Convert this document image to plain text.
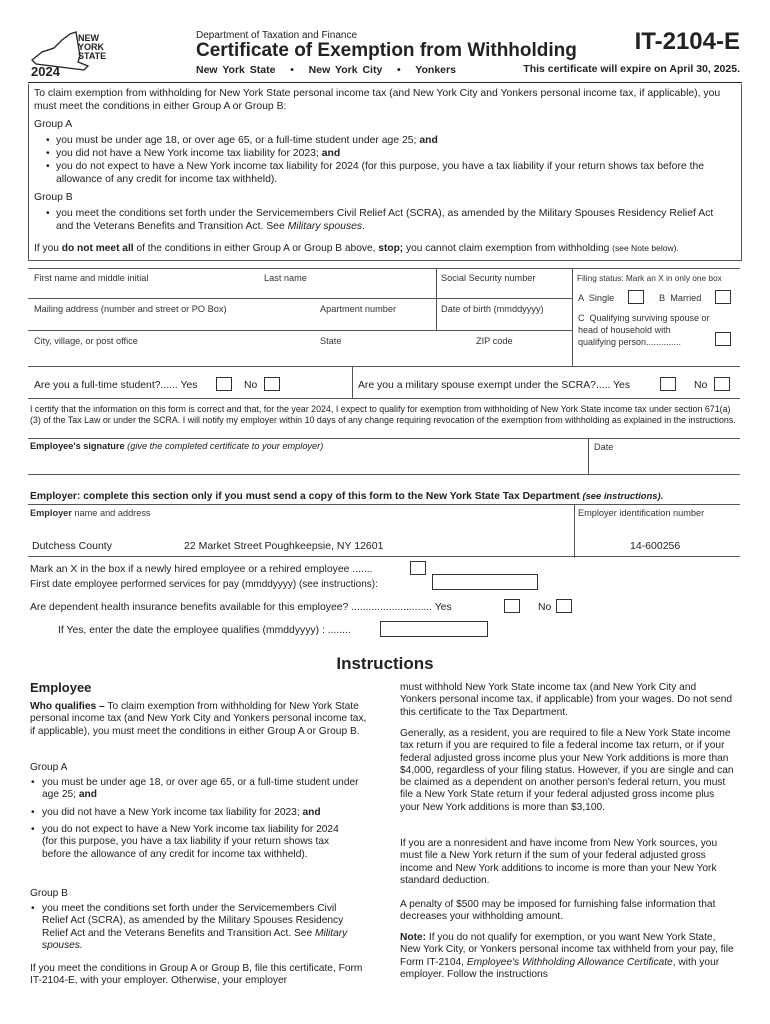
NEW
YORK
STATE
2024
Department of Taxation and Finance
Certificate of Exemption from Withholding
New York State   •   New York City   •   Yonkers
IT-2104-E
This certificate will expire on April 30, 2025.
To claim exemption from withholding for New York State personal income tax (and New York City and Yonkers personal income tax, if applicable), you must meet the conditions in either Group A or Group B:
Group A
• you must be under age 18, or over age 65, or a full-time student under age 25; and
• you did not have a New York income tax liability for 2023; and
• you do not expect to have a New York income tax liability for 2024 (for this purpose, you have a tax liability if your return shows tax before the allowance of any credit for income tax withheld).
Group B
• you meet the conditions set forth under the Servicemembers Civil Relief Act (SCRA), as amended by the Military Spouses Residency Relief Act and the Veterans Benefits and Transition Act. See Military spouses.
If you do not meet all of the conditions in either Group A or Group B above, stop; you cannot claim exemption from withholding (see Note below).
First name and middle initial	Last name	Social Security number	Filing status: Mark an X in only one box
Mailing address (number and street or PO Box)	Apartment number	Date of birth (mmddyyyy)
City, village, or post office	State	ZIP code
A  Single	B  Married
C  Qualifying surviving spouse or head of household with qualifying person..............
Are you a full-time student?...... Yes	No	Are you a military spouse exempt under the SCRA?..... Yes	No
I certify that the information on this form is correct and that, for the year 2024, I expect to qualify for exemption from withholding of New York State income tax under section 671(a)(3) of the Tax Law or under the SCRA. I will notify my employer within 10 days of any change requiring revocation of the exemption from withholding as explained in the instructions.
Employee's signature (give the completed certificate to your employer)	Date
Employer: complete this section only if you must send a copy of this form to the New York State Tax Department (see instructions).
Employer name and address	Employer identification number
Dutchess County	22 Market Street Poughkeepsie, NY 12601	14-600256
Mark an X in the box if a newly hired employee or a rehired employee .......
First date employee performed services for pay (mmddyyyy) (see instructions):
Are dependent health insurance benefits available for this employee? ............................ Yes	No
If Yes, enter the date the employee qualifies (mmddyyyy) : ........
Instructions
Employee
Who qualifies – To claim exemption from withholding for New York State personal income tax (and New York City and Yonkers personal income tax, if applicable), you must meet the conditions in either Group A or Group B.
Group A
• you must be under age 18, or over age 65, or a full-time student under age 25; and
• you did not have a New York income tax liability for 2023; and
• you do not expect to have a New York income tax liability for 2024 (for this purpose, you have a tax liability if your return shows tax before the allowance of any credit for income tax withheld).
Group B
• you meet the conditions set forth under the Servicemembers Civil Relief Act (SCRA), as amended by the Military Spouses Residency Relief Act and the Veterans Benefits and Transition Act. See Military spouses.
If you meet the conditions in Group A or Group B, file this certificate, Form IT-2104-E, with your employer. Otherwise, your employer
must withhold New York State income tax (and New York City and Yonkers personal income tax, if applicable) from your wages. Do not send this certificate to the Tax Department.
Generally, as a resident, you are required to file a New York State income tax return if you are required to file a federal income tax return, or if your federal adjusted gross income plus your New York additions is more than $4,000, regardless of your filing status. However, if you are single and can be claimed as a dependent on another person's federal return, you must file a New York State return if your federal adjusted gross income plus your New York additions is more than $3,100.
If you are a nonresident and have income from New York sources, you must file a New York return if the sum of your federal adjusted gross income and New York additions to income is more than your New York standard deduction.
A penalty of $500 may be imposed for furnishing false information that decreases your withholding amount.
Note: If you do not qualify for exemption, or you want New York State, New York City, or Yonkers personal income tax withheld from your pay, file Form IT-2104, Employee's Withholding Allowance Certificate, with your employer. Follow the instructions
